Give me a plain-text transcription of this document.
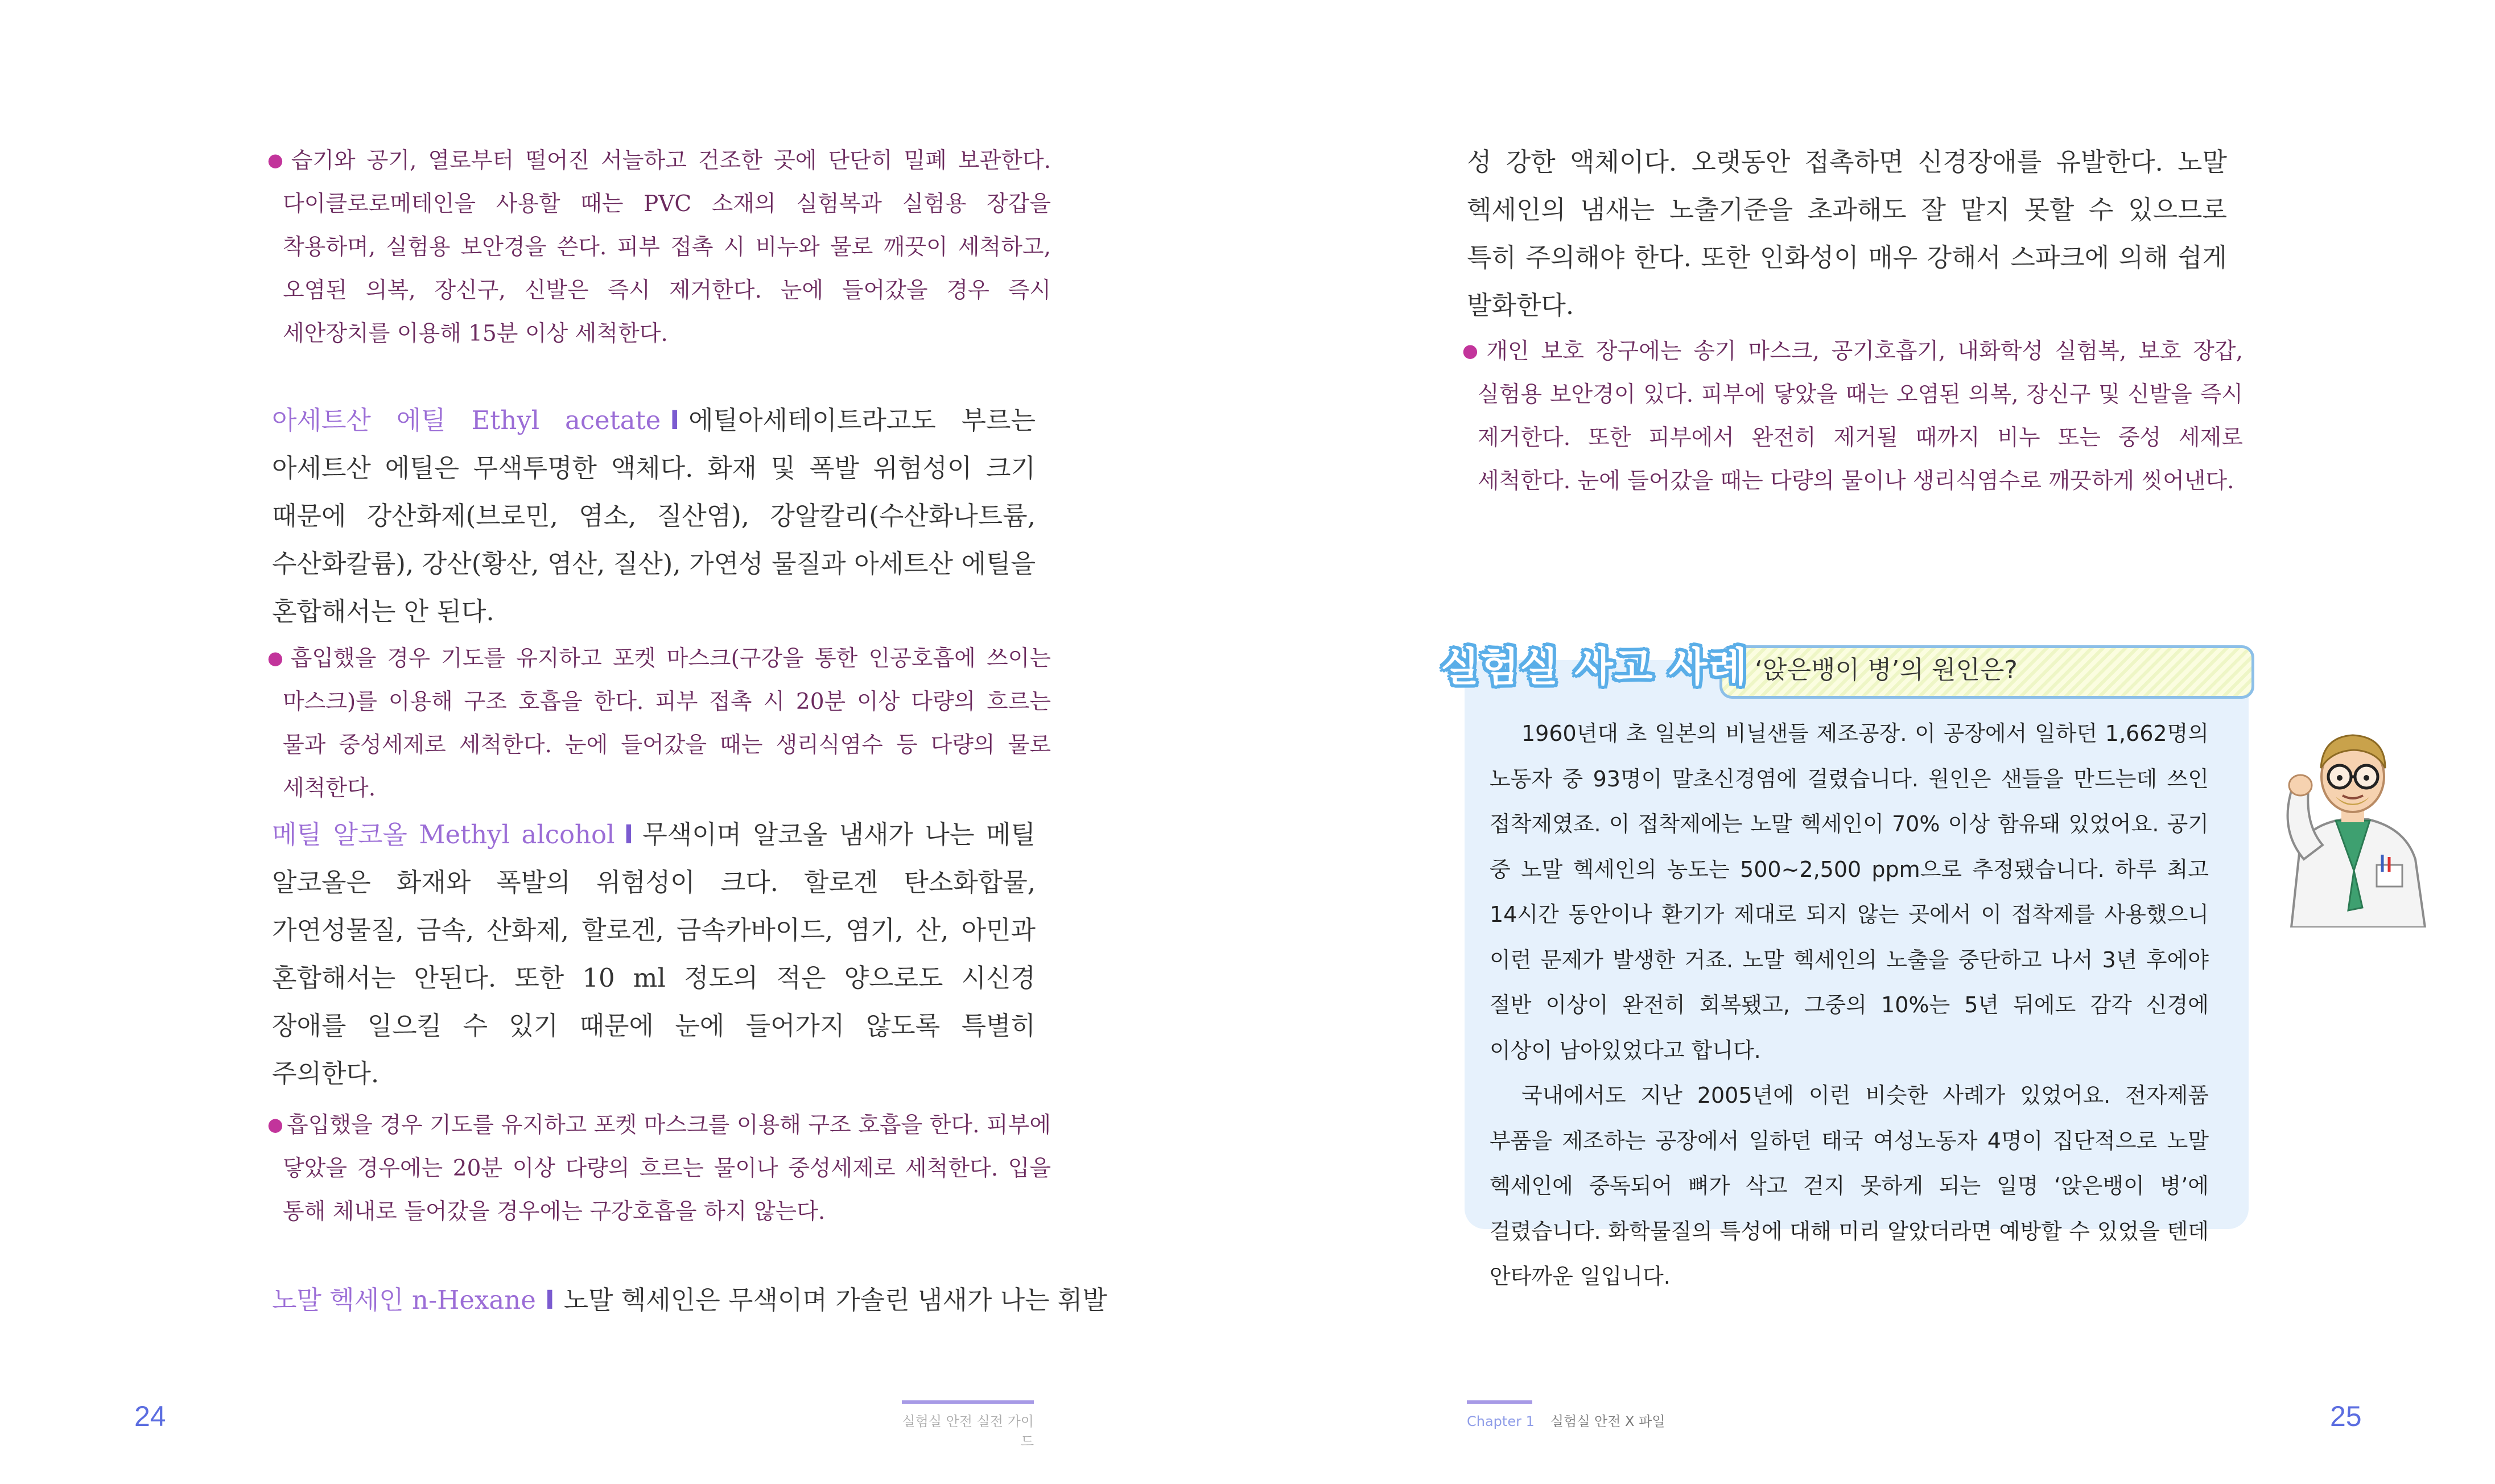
● 습기와 공기, 열로부터 떨어진 서늘하고 건조한 곳에 단단히 밀폐 보관한다. 다이클로로메테인을 사용할 때는 PVC 소재의 실험복과 실험용 장갑을 착용하며, 실험용 보안경을 쓴다. 피부 접촉 시 비누와 물로 깨끗이 세척하고, 오염된 의복, 장신구, 신발은 즉시 제거한다. 눈에 들어갔을 경우 즉시 세안장치를 이용해 15분 이상 세척한다.

아세트산 에틸 Ethyl acetate I 에틸아세테이트라고도 부르는 아세트산 에틸은 무색투명한 액체다. 화재 및 폭발 위험성이 크기 때문에 강산화제(브로민, 염소, 질산염), 강알칼리(수산화나트륨, 수산화칼륨), 강산(황산, 염산, 질산), 가연성 물질과 아세트산 에틸을 혼합해서는 안 된다.

● 흡입했을 경우 기도를 유지하고 포켓 마스크(구강을 통한 인공호흡에 쓰이는 마스크)를 이용해 구조 호흡을 한다. 피부 접촉 시 20분 이상 다량의 흐르는 물과 중성세제로 세척한다. 눈에 들어갔을 때는 생리식염수 등 다량의 물로 세척한다.

메틸 알코올 Methyl alcohol I 무색이며 알코올 냄새가 나는 메틸 알코올은 화재와 폭발의 위험성이 크다. 할로겐 탄소화합물, 가연성물질, 금속, 산화제, 할로겐, 금속카바이드, 염기, 산, 아민과 혼합해서는 안된다. 또한 10 ml 정도의 적은 양으로도 시신경 장애를 일으킬 수 있기 때문에 눈에 들어가지 않도록 특별히 주의한다.

● 흡입했을 경우 기도를 유지하고 포켓 마스크를 이용해 구조 호흡을 한다. 피부에 닿았을 경우에는 20분 이상 다량의 흐르는 물이나 중성세제로 세척한다. 입을 통해 체내로 들어갔을 경우에는 구강호흡을 하지 않는다.

노말 헥세인 n-Hexane I 노말 헥세인은 무색이며 가솔린 냄새가 나는 휘발

24	실험실 안전 실전 가이드

성 강한 액체이다. 오랫동안 접촉하면 신경장애를 유발한다. 노말 헥세인의 냄새는 노출기준을 초과해도 잘 맡지 못할 수 있으므로 특히 주의해야 한다. 또한 인화성이 매우 강해서 스파크에 의해 쉽게 발화한다.

● 개인 보호 장구에는 송기 마스크, 공기호흡기, 내화학성 실험복, 보호 장갑, 실험용 보안경이 있다. 피부에 닿았을 때는 오염된 의복, 장신구 및 신발을 즉시 제거한다. 또한 피부에서 완전히 제거될 때까지 비누 또는 중성 세제로 세척한다. 눈에 들어갔을 때는 다량의 물이나 생리식염수로 깨끗하게 씻어낸다.

‘앉은뱅이 병’의 원인은?
실험실 사고 사례

1960년대 초 일본의 비닐샌들 제조공장. 이 공장에서 일하던 1,662명의 노동자 중 93명이 말초신경염에 걸렸습니다. 원인은 샌들을 만드는데 쓰인 접착제였죠. 이 접착제에는 노말 헥세인이 70% 이상 함유돼 있었어요. 공기 중 노말 헥세인의 농도는 500~2,500 ppm으로 추정됐습니다. 하루 최고 14시간 동안이나 환기가 제대로 되지 않는 곳에서 이 접착제를 사용했으니 이런 문제가 발생한 거죠. 노말 헥세인의 노출을 중단하고 나서 3년 후에야 절반 이상이 완전히 회복됐고, 그중의 10%는 5년 뒤에도 감각 신경에 이상이 남아있었다고 합니다.

국내에서도 지난 2005년에 이런 비슷한 사례가 있었어요. 전자제품 부품을 제조하는 공장에서 일하던 태국 여성노동자 4명이 집단적으로 노말 헥세인에 중독되어 뼈가 삭고 걷지 못하게 되는 일명 ‘앉은뱅이 병’에 걸렸습니다. 화학물질의 특성에 대해 미리 알았더라면 예방할 수 있었을 텐데 안타까운 일입니다.

Chapter 1 실험실 안전 X 파일	25
